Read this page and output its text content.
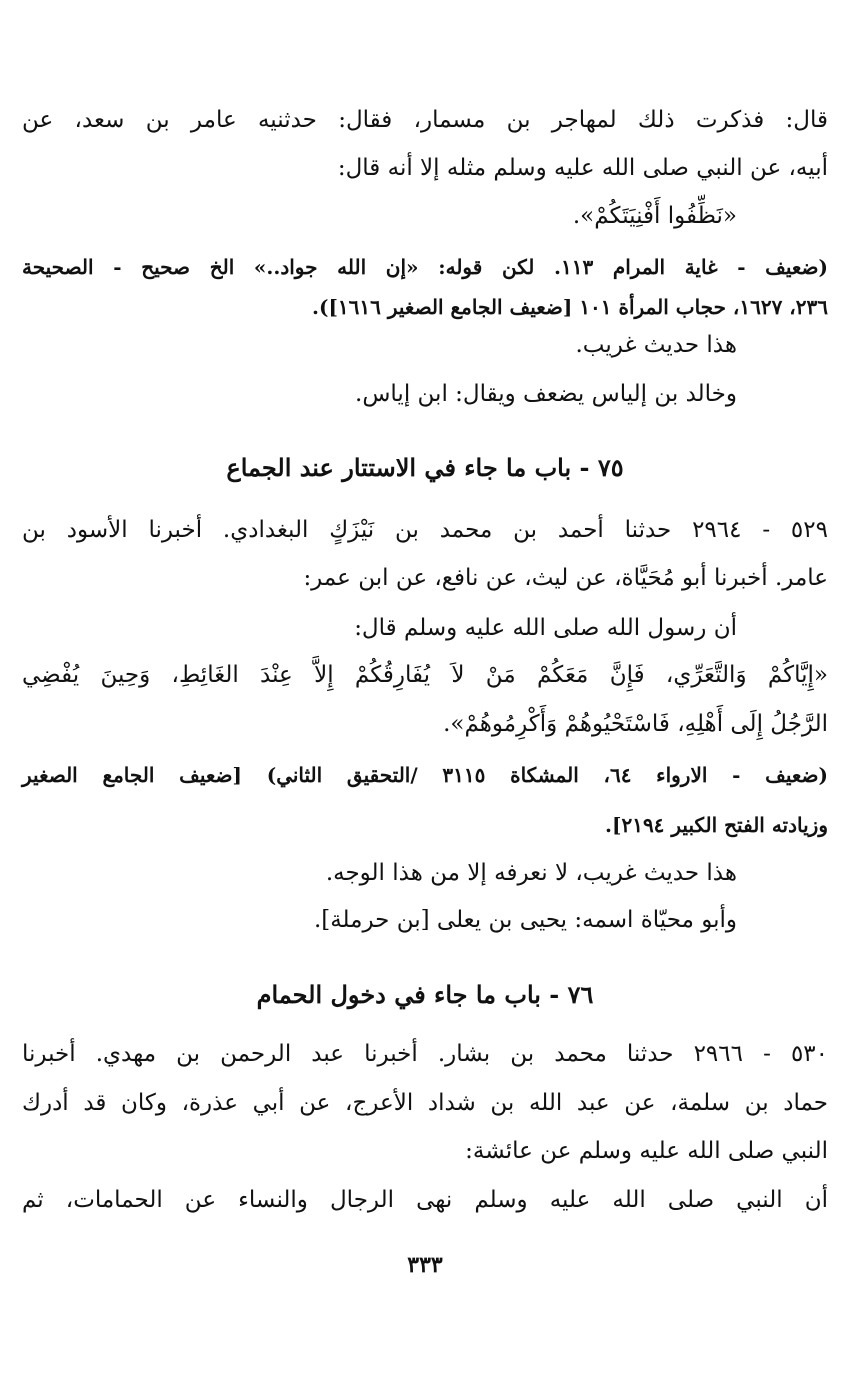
قال: فذكرت ذلك لمهاجر بن مسمار، فقال: حدثنيه عامر بن سعد، عن
أبيه، عن النبي صلى الله عليه وسلم مثله إلا أنه قال:
«نَظِّفُوا أَفْنِيَتَكُمْ».
(ضعيف - غاية المرام ١١٣. لكن قوله: «إن الله جواد..» الخ صحيح - الصحيحة
٢٣٦، ١٦٢٧، حجاب المرأة ١٠١ [ضعيف الجامع الصغير ١٦١٦]).
هذا حديث غريب.
وخالد بن إلياس يضعف ويقال: ابن إياس.
٧٥ - باب ما جاء في الاستتار عند الجماع
٥٢٩ - ٢٩٦٤ حدثنا أحمد بن محمد بن نَيْزَكٍ البغدادي. أخبرنا الأسود بن
عامر. أخبرنا أبو مُحَيَّاة، عن ليث، عن نافع، عن ابن عمر:
أن رسول الله صلى الله عليه وسلم قال:
«إِيَّاكُمْ وَالتَّعَرِّي، فَإِنَّ مَعَكُمْ مَنْ لاَ يُفَارِقُكُمْ إِلاَّ عِنْدَ الغَائِطِ، وَحِينَ يُفْضِي
الرَّجُلُ إِلَى أَهْلِهِ، فَاسْتَحْيُوهُمْ وَأَكْرِمُوهُمْ».
(ضعيف - الارواء ٦٤، المشكاة ٣١١٥ /التحقيق الثاني) [ضعيف الجامع الصغير
وزيادته الفتح الكبير ٢١٩٤].
هذا حديث غريب، لا نعرفه إلا من هذا الوجه.
وأبو محيّاة اسمه: يحيى بن يعلى [بن حرملة].
٧٦ - باب ما جاء في دخول الحمام
٥٣٠ - ٢٩٦٦ حدثنا محمد بن بشار. أخبرنا عبد الرحمن بن مهدي. أخبرنا
حماد بن سلمة، عن عبد الله بن شداد الأعرج، عن أبي عذرة، وكان قد أدرك
النبي صلى الله عليه وسلم عن عائشة:
أن النبي صلى الله عليه وسلم نهى الرجال والنساء عن الحمامات، ثم
٣٣٣
